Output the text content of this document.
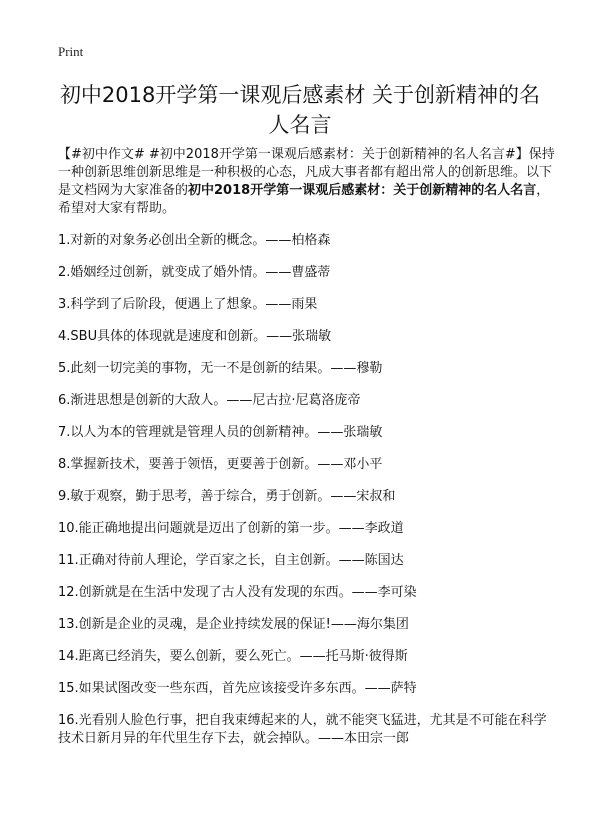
Print
初中2018开学第一课观后感素材 关于创新精神的名人名言
【#初中作文# #初中2018开学第一课观后感素材：关于创新精神的名人名言#】保持一种创新思维创新思维是一种积极的心态，凡成大事者都有超出常人的创新思维。以下是文档网为大家准备的初中2018开学第一课观后感素材：关于创新精神的名人名言，希望对大家有帮助。
1.对新的对象务必创出全新的概念。——柏格森
2.婚姻经过创新，就变成了婚外情。——曹盛蒂
3.科学到了后阶段，便遇上了想象。——雨果
4.SBU具体的体现就是速度和创新。——张瑞敏
5.此刻一切完美的事物，无一不是创新的结果。——穆勒
6.渐进思想是创新的大敌人。——尼古拉·尼葛洛庞帝
7.以人为本的管理就是管理人员的创新精神。——张瑞敏
8.掌握新技术，要善于领悟，更要善于创新。——邓小平
9.敏于观察，勤于思考，善于综合，勇于创新。——宋叔和
10.能正确地提出问题就是迈出了创新的第一步。——李政道
11.正确对待前人理论，学百家之长，自主创新。——陈国达
12.创新就是在生活中发现了古人没有发现的东西。——李可染
13.创新是企业的灵魂，是企业持续发展的保证!——海尔集团
14.距离已经消失，要么创新，要么死亡。——托马斯·彼得斯
15.如果试图改变一些东西，首先应该接受许多东西。——萨特
16.光看别人脸色行事，把自我束缚起来的人，就不能突飞猛进，尤其是不可能在科学技术日新月异的年代里生存下去，就会掉队。——本田宗一郎
